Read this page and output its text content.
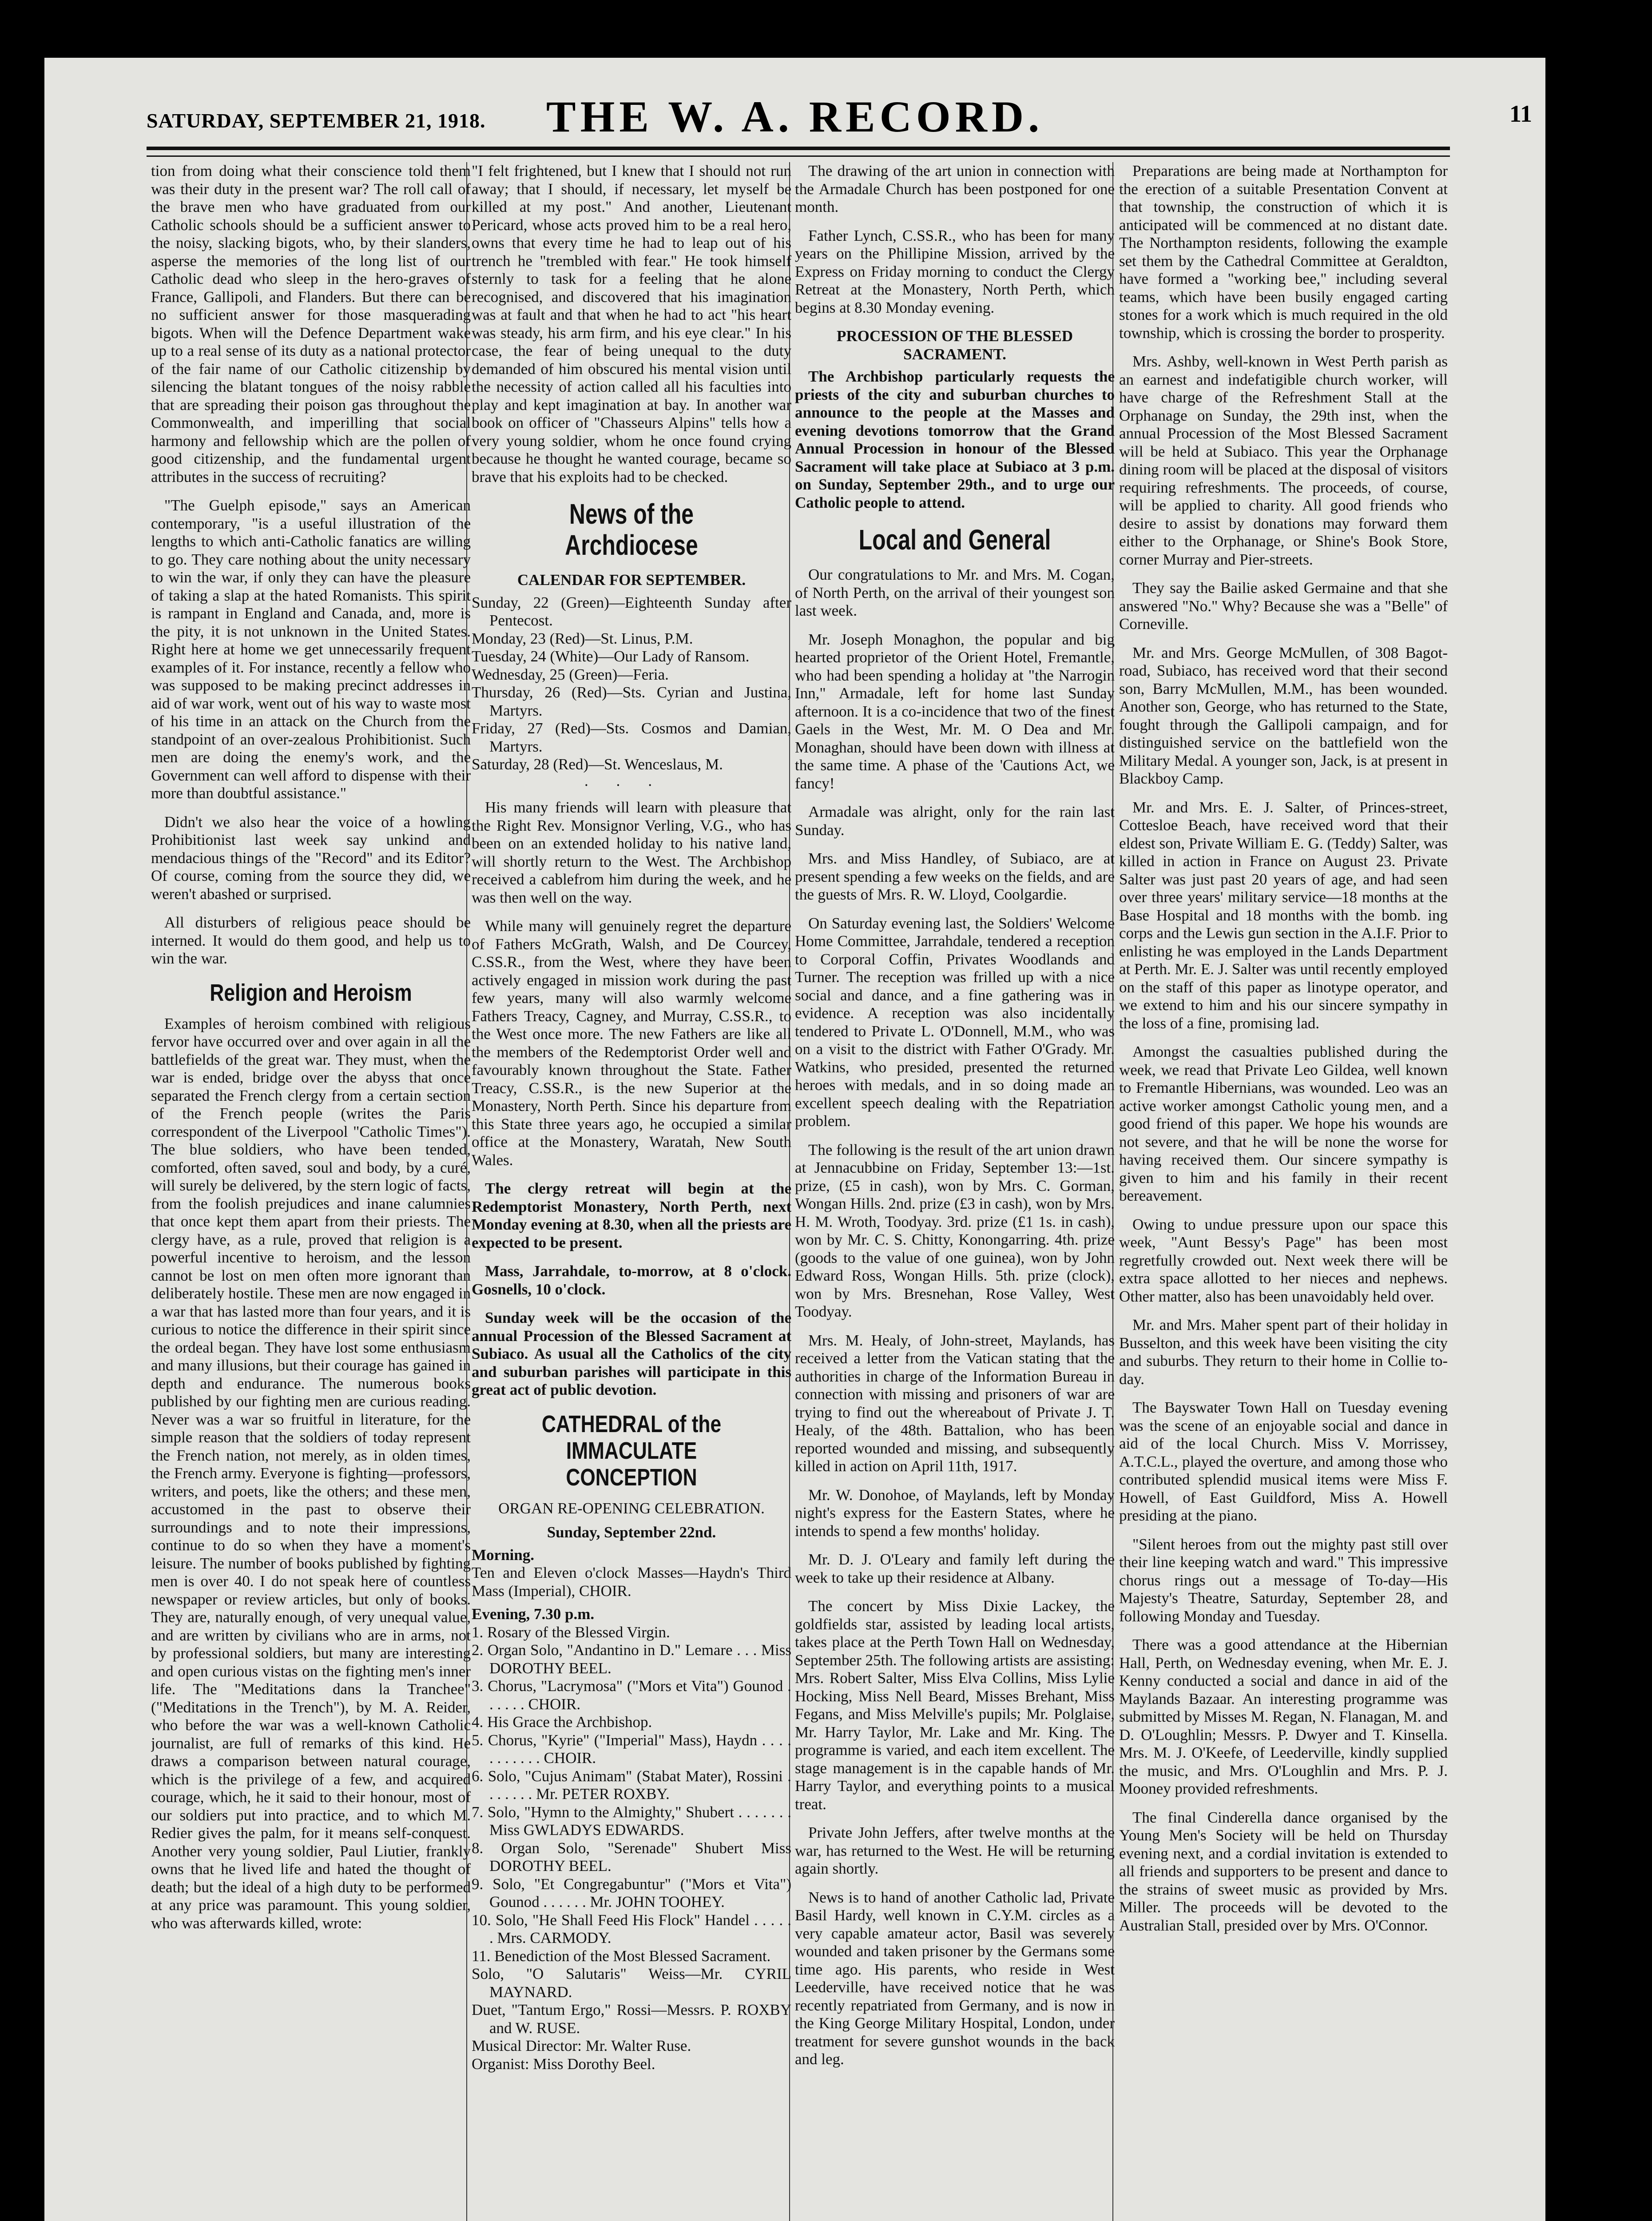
SATURDAY, SEPTEMBER 21, 1918.	THE W. A. RECORD.	11

tion from doing what their conscience told them was their duty in the present war? The roll call of the brave men who have graduated from our Catholic schools should be a sufficient answer to the noisy, slacking bigots, who, by their slanders, asperse the memories of the long list of our Catholic dead who sleep in the hero-graves of France, Gallipoli, and Flanders. But there can be no sufficient answer for those masquerading bigots. When will the Defence Department wake up to a real sense of its duty as a national protector of the fair name of our Catholic citizenship by silencing the blatant tongues of the noisy rabble that are spreading their poison gas throughout the Commonwealth, and imperilling that social harmony and fellowship which are the pollen of good citizenship, and the fundamental urgent attributes in the success of recruiting?

"The Guelph episode," says an American contemporary, "is a useful illustration of the lengths to which anti-Catholic fanatics are willing to go. They care nothing about the unity necessary to win the war, if only they can have the pleasure of taking a slap at the hated Romanists. This spirit is rampant in England and Canada, and, more is the pity, it is not unknown in the United States. Right here at home we get unnecessarily frequent examples of it. For instance, recently a fellow who was supposed to be making precinct addresses in aid of war work, went out of his way to waste most of his time in an attack on the Church from the standpoint of an over-zealous Prohibitionist. Such men are doing the enemy's work, and the Government can well afford to dispense with their more than doubtful assistance."

Didn't we also hear the voice of a howling Prohibitionist last week say unkind and mendacious things of the "Record" and its Editor? Of course, coming from the source they did, we weren't abashed or surprised.

All disturbers of religious peace should be interned. It would do them good, and help us to win the war.

Religion and Heroism

Examples of heroism combined with religious fervor have occurred over and over again in all the battlefields of the great war. They must, when the war is ended, bridge over the abyss that once separated the French clergy from a certain section of the French people (writes the Paris correspondent of the Liverpool "Catholic Times"). The blue soldiers, who have been tended, comforted, often saved, soul and body, by a curé, will surely be delivered, by the stern logic of facts, from the foolish prejudices and inane calumnies that once kept them apart from their priests. The clergy have, as a rule, proved that religion is a powerful incentive to heroism, and the lesson cannot be lost on men often more ignorant than deliberately hostile. These men are now engaged in a war that has lasted more than four years, and it is curious to notice the difference in their spirit since the ordeal began. They have lost some enthusiasm and many illusions, but their courage has gained in depth and endurance. The numerous books published by our fighting men are curious reading. Never was a war so fruitful in literature, for the simple reason that the soldiers of today represent the French nation, not merely, as in olden times, the French army. Everyone is fighting—professors, writers, and poets, like the others; and these men, accustomed in the past to observe their surroundings and to note their impressions, continue to do so when they have a moment's leisure. The number of books published by fighting men is over 40. I do not speak here of countless newspaper or review articles, but only of books. They are, naturally enough, of very unequal value, and are written by civilians who are in arms, not by professional soldiers, but many are interesting and open curious vistas on the fighting men's inner life. The "Meditations dans la Tranchee" ("Meditations in the Trench"), by M. A. Reider, who before the war was a well-known Catholic journalist, are full of remarks of this kind. He draws a comparison between natural courage, which is the privilege of a few, and acquired courage, which, he it said to their honour, most of our soldiers put into practice, and to which M. Redier gives the palm, for it means self-conquest. Another very young soldier, Paul Liutier, frankly owns that he lived life and hated the thought of death; but the ideal of a high duty to be performed at any price was paramount. This young soldier, who was afterwards killed, wrote:

"I felt frightened, but I knew that I should not run away; that I should, if necessary, let myself be killed at my post." And another, Lieutenant Pericard, whose acts proved him to be a real hero, owns that every time he had to leap out of his trench he "trembled with fear." He took himself sternly to task for a feeling that he alone recognised, and discovered that his imagination was at fault and that when he had to act "his heart was steady, his arm firm, and his eye clear." In his case, the fear of being unequal to the duty demanded of him obscured his mental vision until the necessity of action called all his faculties into play and kept imagination at bay. In another war book on officer of "Chasseurs Alpins" tells how a very young soldier, whom he once found crying because he thought he wanted courage, became so brave that his exploits had to be checked.

News of the Archdiocese
CALENDAR FOR SEPTEMBER.
Sunday, 22 (Green)—Eighteenth Sunday after Pentecost.
Monday, 23 (Red)—St. Linus, P.M.
Tuesday, 24 (White)—Our Lady of Ransom.
Wednesday, 25 (Green)—Feria.
Thursday, 26 (Red)—Sts. Cyrian and Justina, Martyrs.
Friday, 27 (Red)—Sts. Cosmos and Damian, Martyrs.
Saturday, 28 (Red)—St. Wenceslaus, M.
···

His many friends will learn with pleasure that the Right Rev. Monsignor Verling, V.G., who has been on an extended holiday to his native land, will shortly return to the West. The Archbishop received a cablefrom him during the week, and he was then well on the way.

While many will genuinely regret the departure of Fathers McGrath, Walsh, and De Courcey, C.SS.R., from the West, where they have been actively engaged in mission work during the past few years, many will also warmly welcome Fathers Treacy, Cagney, and Murray, C.SS.R., to the West once more. The new Fathers are like all the members of the Redemptorist Order well and favourably known throughout the State. Father Treacy, C.SS.R., is the new Superior at the Monastery, North Perth. Since his departure from this State three years ago, he occupied a similar office at the Monastery, Waratah, New South Wales.

The clergy retreat will begin at the Redemptorist Monastery, North Perth, next Monday evening at 8.30, when all the priests are expected to be present.

Mass, Jarrahdale, to-morrow, at 8 o'clock. Gosnells, 10 o'clock.

Sunday week will be the occasion of the annual Procession of the Blessed Sacrament at Subiaco. As usual all the Catholics of the city and suburban parishes will participate in this great act of public devotion.

CATHEDRAL of the IMMACULATE CONCEPTION
ORGAN RE-OPENING CELEBRATION.
Sunday, September 22nd.
Morning.
Ten and Eleven o'clock Masses—Haydn's Third Mass (Imperial), CHOIR.
Evening, 7.30 p.m.
1. Rosary of the Blessed Virgin.
2. Organ Solo, "Andantino in D." Lemare . . . Miss DOROTHY BEEL.
3. Chorus, "Lacrymosa" ("Mors et Vita") Gounod . . . . . . CHOIR.
4. His Grace the Archbishop.
5. Chorus, "Kyrie" ("Imperial" Mass), Haydn . . . . . . . . . . . CHOIR.
6. Solo, "Cujus Animam" (Stabat Mater), Rossini . . . . . . . Mr. PETER ROXBY.
7. Solo, "Hymn to the Almighty," Shubert . . . . . . . Miss GWLADYS EDWARDS.
8. Organ Solo, "Serenade" Shubert Miss DOROTHY BEEL.
9. Solo, "Et Congregabuntur" ("Mors et Vita") Gounod . . . . . . Mr. JOHN TOOHEY.
10. Solo, "He Shall Feed His Flock" Handel . . . . . . Mrs. CARMODY.
11. Benediction of the Most Blessed Sacrament.
Solo, "O Salutaris" Weiss—Mr. CYRIL MAYNARD.
Duet, "Tantum Ergo," Rossi—Messrs. P. ROXBY and W. RUSE.
Musical Director: Mr. Walter Ruse.
Organist: Miss Dorothy Beel.

The drawing of the art union in connection with the Armadale Church has been postponed for one month.

Father Lynch, C.SS.R., who has been for many years on the Phillipine Mission, arrived by the Express on Friday morning to conduct the Clergy Retreat at the Monastery, North Perth, which begins at 8.30 Monday evening.

PROCESSION OF THE BLESSED SACRAMENT.

The Archbishop particularly requests the priests of the city and suburban churches to announce to the people at the Masses and evening devotions tomorrow that the Grand Annual Procession in honour of the Blessed Sacrament will take place at Subiaco at 3 p.m. on Sunday, September 29th., and to urge our Catholic people to attend.

Local and General

Our congratulations to Mr. and Mrs. M. Cogan, of North Perth, on the arrival of their youngest son last week.

Mr. Joseph Monaghon, the popular and big hearted proprietor of the Orient Hotel, Fremantle, who had been spending a holiday at "the Narrogin Inn," Armadale, left for home last Sunday afternoon. It is a co-incidence that two of the finest Gaels in the West, Mr. M. O Dea and Mr. Monaghan, should have been down with illness at the same time. A phase of the 'Cautions Act, we fancy!

Armadale was alright, only for the rain last Sunday.

Mrs. and Miss Handley, of Subiaco, are at present spending a few weeks on the fields, and are the guests of Mrs. R. W. Lloyd, Coolgardie.

On Saturday evening last, the Soldiers' Welcome Home Committee, Jarrahdale, tendered a reception to Corporal Coffin, Privates Woodlands and Turner. The reception was frilled up with a nice social and dance, and a fine gathering was in evidence. A reception was also incidentally tendered to Private L. O'Donnell, M.M., who was on a visit to the district with Father O'Grady. Mr. Watkins, who presided, presented the returned heroes with medals, and in so doing made an excellent speech dealing with the Repatriation problem.

The following is the result of the art union drawn at Jennacubbine on Friday, September 13:—1st. prize, (£5 in cash), won by Mrs. C. Gorman, Wongan Hills. 2nd. prize (£3 in cash), won by Mrs. H. M. Wroth, Toodyay. 3rd. prize (£1 1s. in cash), won by Mr. C. S. Chitty, Konongarring. 4th. prize (goods to the value of one guinea), won by John Edward Ross, Wongan Hills. 5th. prize (clock), won by Mrs. Bresnehan, Rose Valley, West Toodyay.

Mrs. M. Healy, of John-street, Maylands, has received a letter from the Vatican stating that the authorities in charge of the Information Bureau in connection with missing and prisoners of war are trying to find out the whereabout of Private J. T. Healy, of the 48th. Battalion, who has been reported wounded and missing, and subsequently killed in action on April 11th, 1917.

Mr. W. Donohoe, of Maylands, left by Monday night's express for the Eastern States, where he intends to spend a few months' holiday.

Mr. D. J. O'Leary and family left during the week to take up their residence at Albany.

The concert by Miss Dixie Lackey, the goldfields star, assisted by leading local artists, takes place at the Perth Town Hall on Wednesday, September 25th. The following artists are assisting: Mrs. Robert Salter, Miss Elva Collins, Miss Lylie Hocking, Miss Nell Beard, Misses Brehant, Miss Fegans, and Miss Melville's pupils; Mr. Polglaise, Mr. Harry Taylor, Mr. Lake and Mr. King. The programme is varied, and each item excellent. The stage management is in the capable hands of Mr. Harry Taylor, and everything points to a musical treat.

Private John Jeffers, after twelve months at the war, has returned to the West. He will be returning again shortly.

News is to hand of another Catholic lad, Private Basil Hardy, well known in C.Y.M. circles as a very capable amateur actor, Basil was severely wounded and taken prisoner by the Germans some time ago. His parents, who reside in West Leederville, have received notice that he was recently repatriated from Germany, and is now in the King George Military Hospital, London, under treatment for severe gunshot wounds in the back and leg.

Preparations are being made at Northampton for the erection of a suitable Presentation Convent at that township, the construction of which it is anticipated will be commenced at no distant date. The Northampton residents, following the example set them by the Cathedral Committee at Geraldton, have formed a "working bee," including several teams, which have been busily engaged carting stones for a work which is much required in the old township, which is crossing the border to prosperity.

Mrs. Ashby, well-known in West Perth parish as an earnest and indefatigible church worker, will have charge of the Refreshment Stall at the Orphanage on Sunday, the 29th inst, when the annual Procession of the Most Blessed Sacrament will be held at Subiaco. This year the Orphanage dining room will be placed at the disposal of visitors requiring refreshments. The proceeds, of course, will be applied to charity. All good friends who desire to assist by donations may forward them either to the Orphanage, or Shine's Book Store, corner Murray and Pier-streets.

They say the Bailie asked Germaine and that she answered "No." Why? Because she was a "Belle" of Corneville.

Mr. and Mrs. George McMullen, of 308 Bagot-road, Subiaco, has received word that their second son, Barry McMullen, M.M., has been wounded. Another son, George, who has returned to the State, fought through the Gallipoli campaign, and for distinguished service on the battlefield won the Military Medal. A younger son, Jack, is at present in Blackboy Camp.

Mr. and Mrs. E. J. Salter, of Princes-street, Cottesloe Beach, have received word that their eldest son, Private William E. G. (Teddy) Salter, was killed in action in France on August 23. Private Salter was just past 20 years of age, and had seen over three years' military service—18 months at the Base Hospital and 18 months with the bomb. ing corps and the Lewis gun section in the A.I.F. Prior to enlisting he was employed in the Lands Department at Perth. Mr. E. J. Salter was until recently employed on the staff of this paper as linotype operator, and we extend to him and his our sincere sympathy in the loss of a fine, promising lad.

Amongst the casualties published during the week, we read that Private Leo Gildea, well known to Fremantle Hibernians, was wounded. Leo was an active worker amongst Catholic young men, and a good friend of this paper. We hope his wounds are not severe, and that he will be none the worse for having received them. Our sincere sympathy is given to him and his family in their recent bereavement.

Owing to undue pressure upon our space this week, "Aunt Bessy's Page" has been most regretfully crowded out. Next week there will be extra space allotted to her nieces and nephews. Other matter, also has been unavoidably held over.

Mr. and Mrs. Maher spent part of their holiday in Busselton, and this week have been visiting the city and suburbs. They return to their home in Collie to-day.

The Bayswater Town Hall on Tuesday evening was the scene of an enjoyable social and dance in aid of the local Church. Miss V. Morrissey, A.T.C.L., played the overture, and among those who contributed splendid musical items were Miss F. Howell, of East Guildford, Miss A. Howell presiding at the piano.

"Silent heroes from out the mighty past still over their line keeping watch and ward." This impressive chorus rings out a message of To-day—His Majesty's Theatre, Saturday, September 28, and following Monday and Tuesday.

There was a good attendance at the Hibernian Hall, Perth, on Wednesday evening, when Mr. E. J. Kenny conducted a social and dance in aid of the Maylands Bazaar. An interesting programme was submitted by Misses M. Regan, N. Flanagan, M. and D. O'Loughlin; Messrs. P. Dwyer and T. Kinsella. Mrs. M. J. O'Keefe, of Leederville, kindly supplied the music, and Mrs. O'Loughlin and Mrs. P. J. Mooney provided refreshments.

The final Cinderella dance organised by the Young Men's Society will be held on Thursday evening next, and a cordial invitation is extended to all friends and supporters to be present and dance to the strains of sweet music as provided by Mrs. Miller. The proceeds will be devoted to the Australian Stall, presided over by Mrs. O'Connor.
